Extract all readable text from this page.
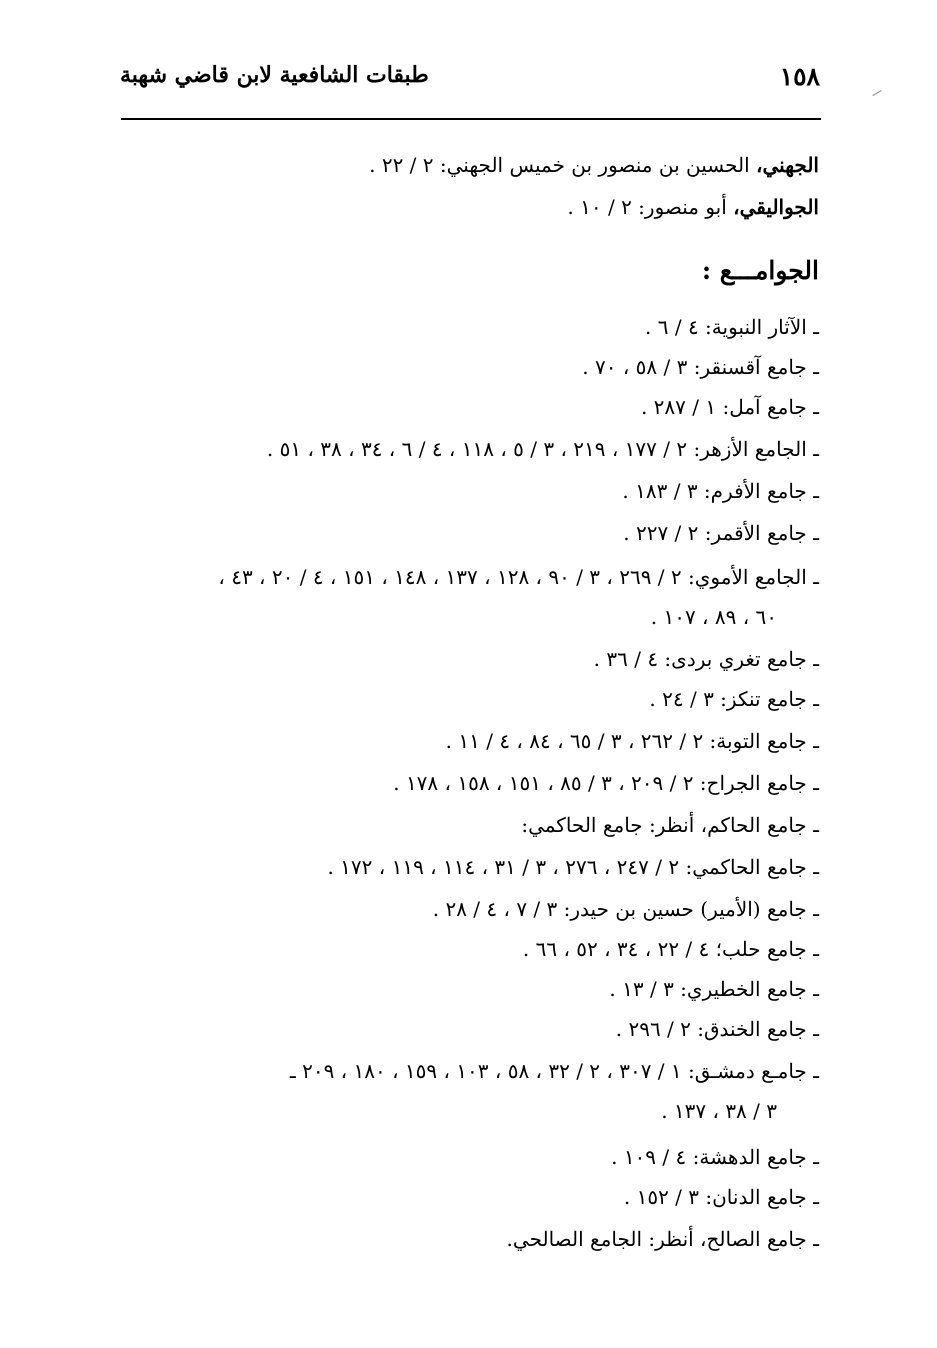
١٥٨
طبقات الشافعية لابن قاضي شهبة
الجهني، الحسين بن منصور بن خميس الجهني: ٢ / ٢٢ .
الجواليقي، أبو منصور: ٢ / ١٠ .
الجوامـــع :
ـ الآثار النبوية: ٤ / ٦ .
ـ جامع آقسنقر: ٣ / ٥٨ ، ٧٠ .
ـ جامع آمل: ١ / ٢٨٧ .
ـ الجامع الأزهر: ٢ / ١٧٧ ، ٢١٩ ، ٣ / ٥ ، ١١٨ ، ٤ / ٦ ، ٣٤ ، ٣٨ ، ٥١ .
ـ جامع الأفرم: ٣ / ١٨٣ .
ـ جامع الأقمر: ٢ / ٢٢٧ .
ـ الجامع الأموي: ٢ / ٢٦٩ ، ٣ / ٩٠ ، ١٢٨ ، ١٣٧ ، ١٤٨ ، ١٥١ ، ٤ / ٢٠ ، ٤٣ ،
٦٠ ، ٨٩ ، ١٠٧ .
ـ جامع تغري بردى: ٤ / ٣٦ .
ـ جامع تنكز: ٣ / ٢٤ .
ـ جامع التوبة: ٢ / ٢٦٢ ، ٣ / ٦٥ ، ٨٤ ، ٤ / ١١ .
ـ جامع الجراح: ٢ / ٢٠٩ ، ٣ / ٨٥ ، ١٥١ ، ١٥٨ ، ١٧٨ .
ـ جامع الحاكم، أنظر: جامع الحاكمي:
ـ جامع الحاكمي: ٢ / ٢٤٧ ، ٢٧٦ ، ٣ / ٣١ ، ١١٤ ، ١١٩ ، ١٧٢ .
ـ جامع (الأمير) حسين بن حيدر: ٣ / ٧ ، ٤ / ٢٨ .
ـ جامع حلب؛ ٤ / ٢٢ ، ٣٤ ، ٥٢ ، ٦٦ .
ـ جامع الخطيري: ٣ / ١٣ .
ـ جامع الخندق: ٢ / ٢٩٦ .
ـ جامـع دمشـق: ١ / ٣٠٧ ، ٢ / ٣٢ ، ٥٨ ، ١٠٣ ، ١٥٩ ، ١٨٠ ، ٢٠٩ ـ
٣ / ٣٨ ، ١٣٧ .
ـ جامع الدهشة: ٤ / ١٠٩ .
ـ جامع الدنان: ٣ / ١٥٢ .
ـ جامع الصالح، أنظر: الجامع الصالحي.
